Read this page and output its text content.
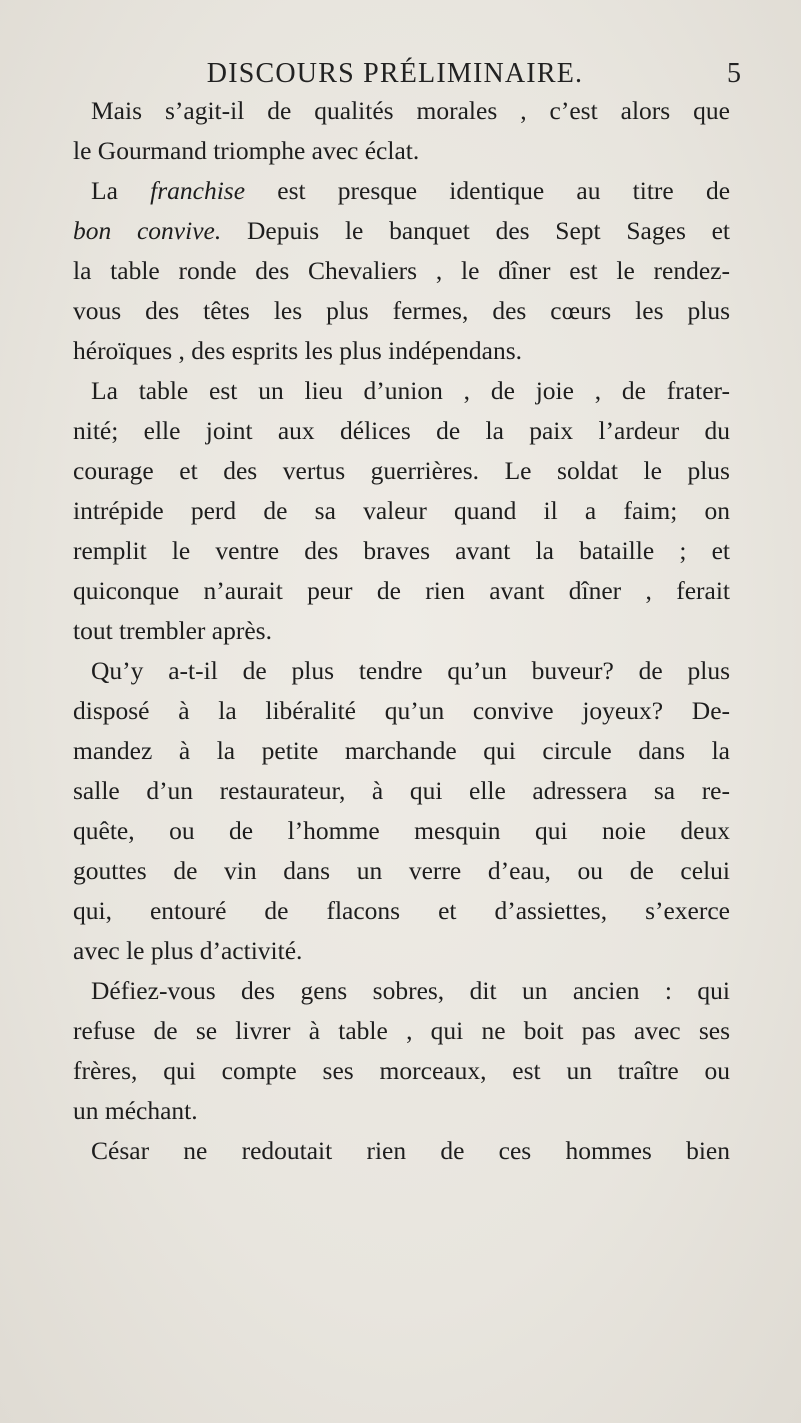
DISCOURS PRÉLIMINAIRE.	5
Mais s’agit-il de qualités morales , c’est alors que
le Gourmand triomphe avec éclat.
La franchise est presque identique au titre de
bon convive. Depuis le banquet des Sept Sages et
la table ronde des Chevaliers , le dîner est le rendez-
vous des têtes les plus fermes, des cœurs les plus
héroïques , des esprits les plus indépendans.
La table est un lieu d’union , de joie , de frater-
nité; elle joint aux délices de la paix l’ardeur du
courage et des vertus guerrières. Le soldat le plus
intrépide perd de sa valeur quand il a faim; on
remplit le ventre des braves avant la bataille ; et
quiconque n’aurait peur de rien avant dîner , ferait
tout trembler après.
Qu’y a-t-il de plus tendre qu’un buveur? de plus
disposé à la libéralité qu’un convive joyeux? De-
mandez à la petite marchande qui circule dans la
salle d’un restaurateur, à qui elle adressera sa re-
quête, ou de l’homme mesquin qui noie deux
gouttes de vin dans un verre d’eau, ou de celui
qui, entouré de flacons et d’assiettes, s’exerce
avec le plus d’activité.
Défiez-vous des gens sobres, dit un ancien : qui
refuse de se livrer à table , qui ne boit pas avec ses
frères, qui compte ses morceaux, est un traître ou
un méchant.
César ne redoutait rien de ces hommes bien
